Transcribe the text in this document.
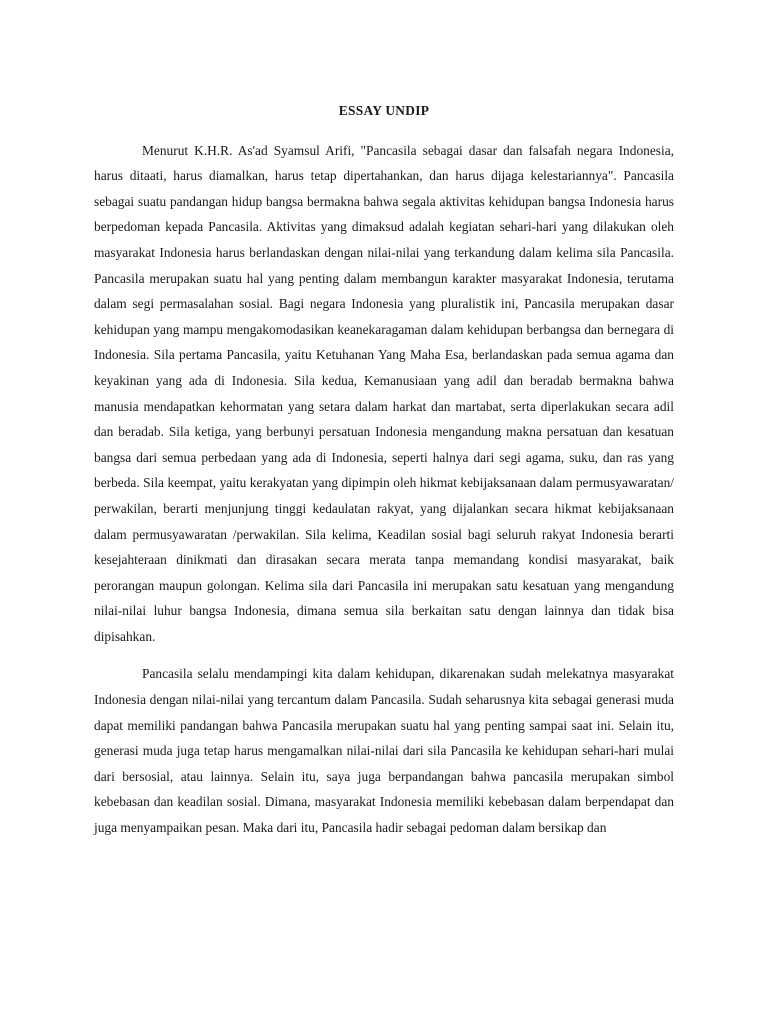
ESSAY UNDIP

Menurut K.H.R. As'ad Syamsul Arifi, "Pancasila sebagai dasar dan falsafah negara Indonesia, harus ditaati, harus diamalkan, harus tetap dipertahankan, dan harus dijaga kelestariannya". Pancasila sebagai suatu pandangan hidup bangsa bermakna bahwa segala aktivitas kehidupan bangsa Indonesia harus berpedoman kepada Pancasila. Aktivitas yang dimaksud adalah kegiatan sehari-hari yang dilakukan oleh masyarakat Indonesia harus berlandaskan dengan nilai-nilai yang terkandung dalam kelima sila Pancasila. Pancasila merupakan suatu hal yang penting dalam membangun karakter masyarakat Indonesia, terutama dalam segi permasalahan sosial. Bagi negara Indonesia yang pluralistik ini, Pancasila merupakan dasar kehidupan yang mampu mengakomodasikan keanekaragaman dalam kehidupan berbangsa dan bernegara di Indonesia. Sila pertama Pancasila, yaitu Ketuhanan Yang Maha Esa, berlandaskan pada semua agama dan keyakinan yang ada di Indonesia. Sila kedua, Kemanusiaan yang adil dan beradab bermakna bahwa manusia mendapatkan kehormatan yang setara dalam harkat dan martabat, serta diperlakukan secara adil dan beradab. Sila ketiga, yang berbunyi persatuan Indonesia mengandung makna persatuan dan kesatuan bangsa dari semua perbedaan yang ada di Indonesia, seperti halnya dari segi agama, suku, dan ras yang berbeda. Sila keempat, yaitu kerakyatan yang dipimpin oleh hikmat kebijaksanaan dalam permusyawaratan/ perwakilan, berarti menjunjung tinggi kedaulatan rakyat, yang dijalankan secara hikmat kebijaksanaan dalam permusyawaratan /perwakilan. Sila kelima, Keadilan sosial bagi seluruh rakyat Indonesia berarti kesejahteraan dinikmati dan dirasakan secara merata tanpa memandang kondisi masyarakat, baik perorangan maupun golongan. Kelima sila dari Pancasila ini merupakan satu kesatuan yang mengandung nilai-nilai luhur bangsa Indonesia, dimana semua sila berkaitan satu dengan lainnya dan tidak bisa dipisahkan.

Pancasila selalu mendampingi kita dalam kehidupan, dikarenakan sudah melekatnya masyarakat Indonesia dengan nilai-nilai yang tercantum dalam Pancasila. Sudah seharusnya kita sebagai generasi muda dapat memiliki pandangan bahwa Pancasila merupakan suatu hal yang penting sampai saat ini. Selain itu, generasi muda juga tetap harus mengamalkan nilai-nilai dari sila Pancasila ke kehidupan sehari-hari mulai dari bersosial, atau lainnya. Selain itu, saya juga berpandangan bahwa pancasila merupakan simbol kebebasan dan keadilan sosial. Dimana, masyarakat Indonesia memiliki kebebasan dalam berpendapat dan juga menyampaikan pesan. Maka dari itu, Pancasila hadir sebagai pedoman dalam bersikap dan
